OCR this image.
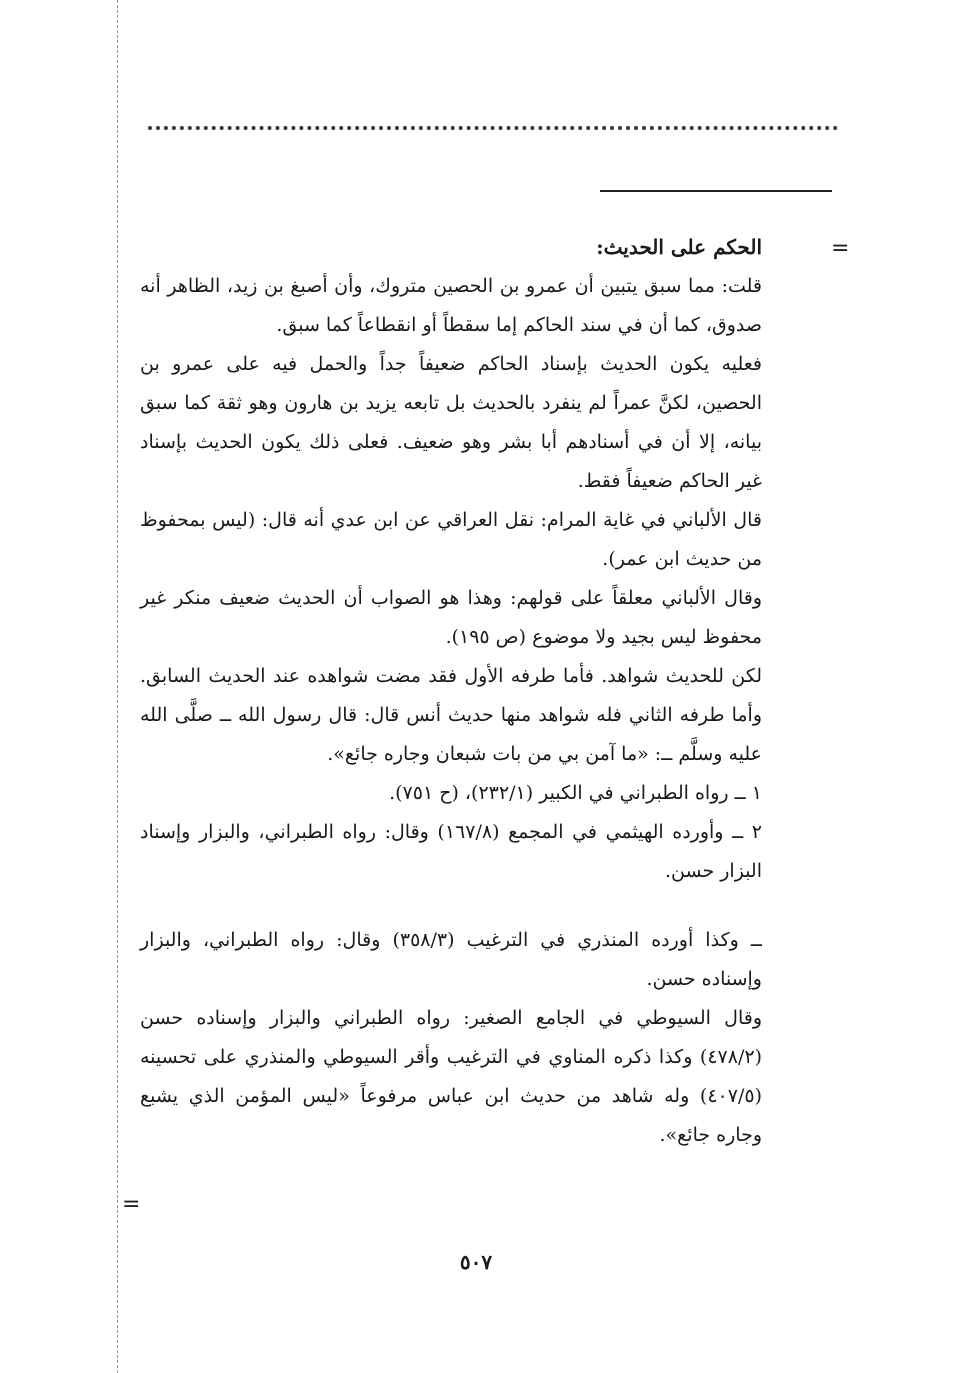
=

الحكم على الحديث:

قلت: مما سبق يتبين أن عمرو بن الحصين متروك، وأن أصبغ بن زيد، الظاهر أنه صدوق، كما أن في سند الحاكم إما سقطاً أو انقطاعاً كما سبق.

فعليه يكون الحديث بإسناد الحاكم ضعيفاً جداً والحمل فيه على عمرو بن الحصين، لكنَّ عمراً لم ينفرد بالحديث بل تابعه يزيد بن هارون وهو ثقة كما سبق بيانه، إلا أن في أسنادهم أبا بشر وهو ضعيف. فعلى ذلك يكون الحديث بإسناد غير الحاكم ضعيفاً فقط.

قال الألباني في غاية المرام: نقل العراقي عن ابن عدي أنه قال: (ليس بمحفوظ من حديث ابن عمر).

وقال الألباني معلقاً على قولهم: وهذا هو الصواب أن الحديث ضعيف منكر غير محفوظ ليس بجيد ولا موضوع (ص ١٩٥).

لكن للحديث شواهد. فأما طرفه الأول فقد مضت شواهده عند الحديث السابق. وأما طرفه الثاني فله شواهد منها حديث أنس قال: قال رسول الله ــ صلَّى الله عليه وسلَّم ــ: «ما آمن بي من بات شبعان وجاره جائع».

١ ــ رواه الطبراني في الكبير (٢٣٢/١)، (ح ٧٥١).

٢ ــ وأورده الهيثمي في المجمع (١٦٧/٨) وقال: رواه الطبراني، والبزار وإسناد البزار حسن.

ــ وكذا أورده المنذري في الترغيب (٣٥٨/٣) وقال: رواه الطبراني، والبزار وإسناده حسن.

وقال السيوطي في الجامع الصغير: رواه الطبراني والبزار وإسناده حسن (٤٧٨/٢) وكذا ذكره المناوي في الترغيب وأقر السيوطي والمنذري على تحسينه (٤٠٧/٥) وله شاهد من حديث ابن عباس مرفوعاً «ليس المؤمن الذي يشبع وجاره جائع».

=
٥٠٧
